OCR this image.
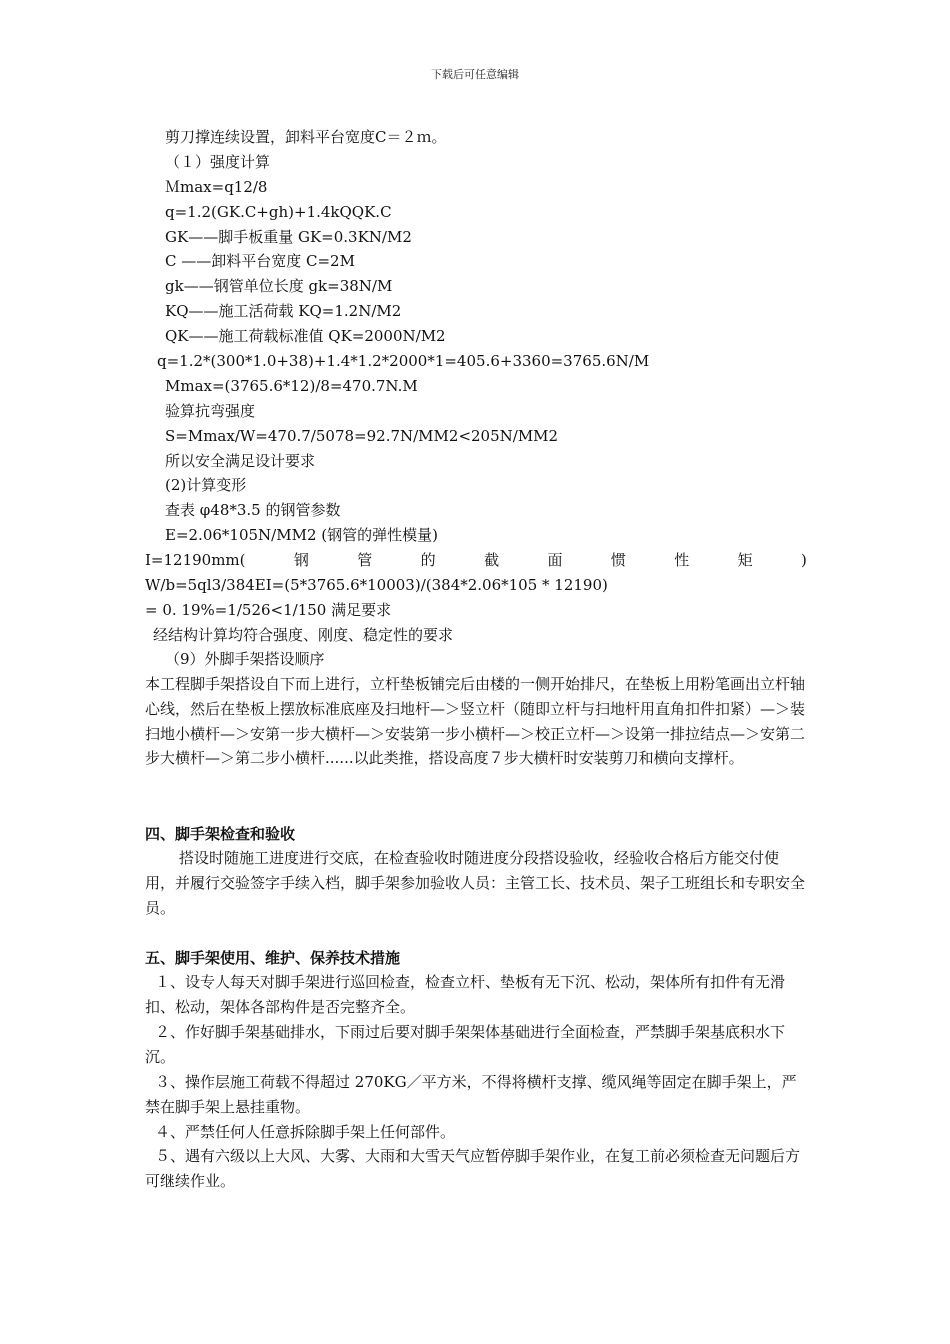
下载后可任意编辑
剪刀撑连续设置，卸料平台宽度C＝２ｍ。
（１）强度计算
Ｍmax=q12/8
q=1.2(GK.C+gh)+1.4kQQK.C
GK——脚手板重量 GK=0.3KN/M2
C ——卸料平台宽度 C=2M
gk——钢管单位长度 gk=38N/M
KQ——施工活荷载 KQ=1.2N/M2
QK——施工荷载标准值 QK=2000N/M2
q=1.2*(300*1.0+38)+1.4*1.2*2000*1=405.6+3360=3765.6N/M
Mmax=(3765.6*12)/8=470.7N.M
验算抗弯强度
S=Mmax/W=470.7/5078=92.7N/MM2<205N/MM2
所以安全满足设计要求
(2)计算变形
查表 φ48*3.5 的钢管参数
E=2.06*105N/MM2 (钢管的弹性模量)
I=12190mm(	钢	管	的	截	面	惯	性	矩	)
W/b=5ql3/384EI=(5*3765.6*10003)/(384*2.06*105 * 12190)
= 0. 19%=1/526<1/150 满足要求
经结构计算均符合强度、刚度、稳定性的要求
（9）外脚手架搭设顺序
本工程脚手架搭设自下而上进行，立杆垫板铺完后由楼的一侧开始排尺，在垫板上用粉笔画出立杆轴心线，然后在垫板上摆放标准底座及扫地杆—＞竖立杆（随即立杆与扫地杆用直角扣件扣紧）—＞装扫地小横杆—＞安第一步大横杆—＞安装第一步小横杆—＞校正立杆—＞设第一排拉结点—＞安第二步大横杆—＞第二步小横杆......以此类推，搭设高度７步大横杆时安装剪刀和横向支撑杆。
四、脚手架检查和验收
搭设时随施工进度进行交底，在检查验收时随进度分段搭设验收，经验收合格后方能交付使用，并履行交验签字手续入档，脚手架参加验收人员：主管工长、技术员、架子工班组长和专职安全员。
五、脚手架使用、维护、保养技术措施
１、设专人每天对脚手架进行巡回检查，检查立杆、垫板有无下沉、松动，架体所有扣件有无滑扣、松动，架体各部构件是否完整齐全。
２、作好脚手架基础排水，下雨过后要对脚手架架体基础进行全面检查，严禁脚手架基底积水下沉。
３、操作层施工荷载不得超过 270KG／平方米，不得将横杆支撑、缆风绳等固定在脚手架上，严禁在脚手架上悬挂重物。
４、严禁任何人任意拆除脚手架上任何部件。
５、遇有六级以上大风、大雾、大雨和大雪天气应暂停脚手架作业，在复工前必须检查无问题后方可继续作业。
